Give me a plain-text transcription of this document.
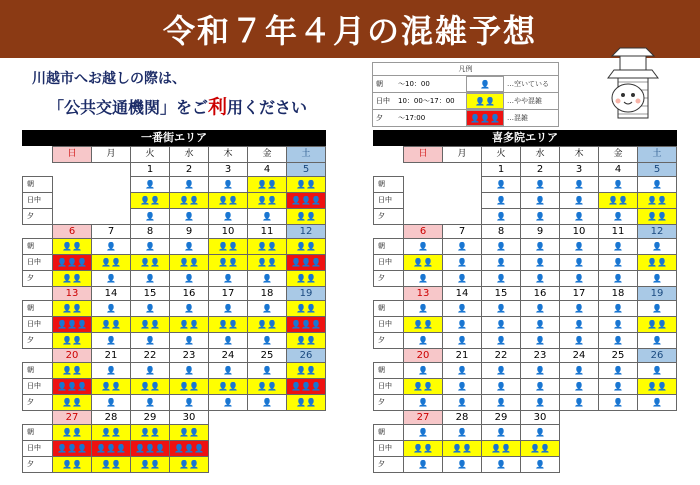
令和７年４月の混雑予想
川越市へお越しの際は、
「公共交通機関」をご利用ください
凡例
朝	～10：00	👤	…空いている
日中	10：00～17：00	👤👤	…やや混雑
夕	～17:00	👤👤👤	…混雑
一番街エリア
	日	月	火	水	木	金	土
			1	2	3	4	5
朝			👤	👤	👤	👤👤	👤👤
日中			👤👤	👤👤	👤👤	👤👤	👤👤👤
夕			👤	👤	👤	👤	👤👤
	6	7	8	9	10	11	12
朝	👤👤	👤	👤	👤	👤👤	👤👤	👤👤
日中	👤👤👤	👤👤	👤👤	👤👤	👤👤	👤👤	👤👤👤
夕	👤👤	👤	👤	👤	👤	👤	👤👤
	13	14	15	16	17	18	19
朝	👤👤	👤	👤	👤	👤	👤	👤👤
日中	👤👤👤	👤👤	👤👤	👤👤	👤👤	👤👤	👤👤👤
夕	👤👤	👤	👤	👤	👤	👤	👤👤
	20	21	22	23	24	25	26
朝	👤👤	👤	👤	👤	👤	👤	👤👤
日中	👤👤👤	👤👤	👤👤	👤👤	👤👤	👤👤	👤👤👤
夕	👤👤	👤	👤	👤	👤	👤	👤👤
	27	28	29	30			
朝	👤👤	👤👤	👤👤	👤👤			
日中	👤👤👤	👤👤👤	👤👤👤	👤👤👤			
夕	👤👤	👤👤	👤👤	👤👤			
喜多院エリア
	日	月	火	水	木	金	土
			1	2	3	4	5
朝			👤	👤	👤	👤	👤
日中			👤	👤	👤	👤👤	👤👤
夕			👤	👤	👤	👤	👤👤
	6	7	8	9	10	11	12
朝	👤	👤	👤	👤	👤	👤	👤
日中	👤👤	👤	👤	👤	👤	👤	👤👤
夕	👤	👤	👤	👤	👤	👤	👤
	13	14	15	16	17	18	19
朝	👤	👤	👤	👤	👤	👤	👤
日中	👤👤	👤	👤	👤	👤	👤	👤👤
夕	👤	👤	👤	👤	👤	👤	👤
	20	21	22	23	24	25	26
朝	👤	👤	👤	👤	👤	👤	👤
日中	👤👤	👤	👤	👤	👤	👤	👤👤
夕	👤	👤	👤	👤	👤	👤	👤
	27	28	29	30			
朝	👤	👤	👤	👤			
日中	👤👤	👤👤	👤👤	👤👤			
夕	👤	👤	👤	👤			
